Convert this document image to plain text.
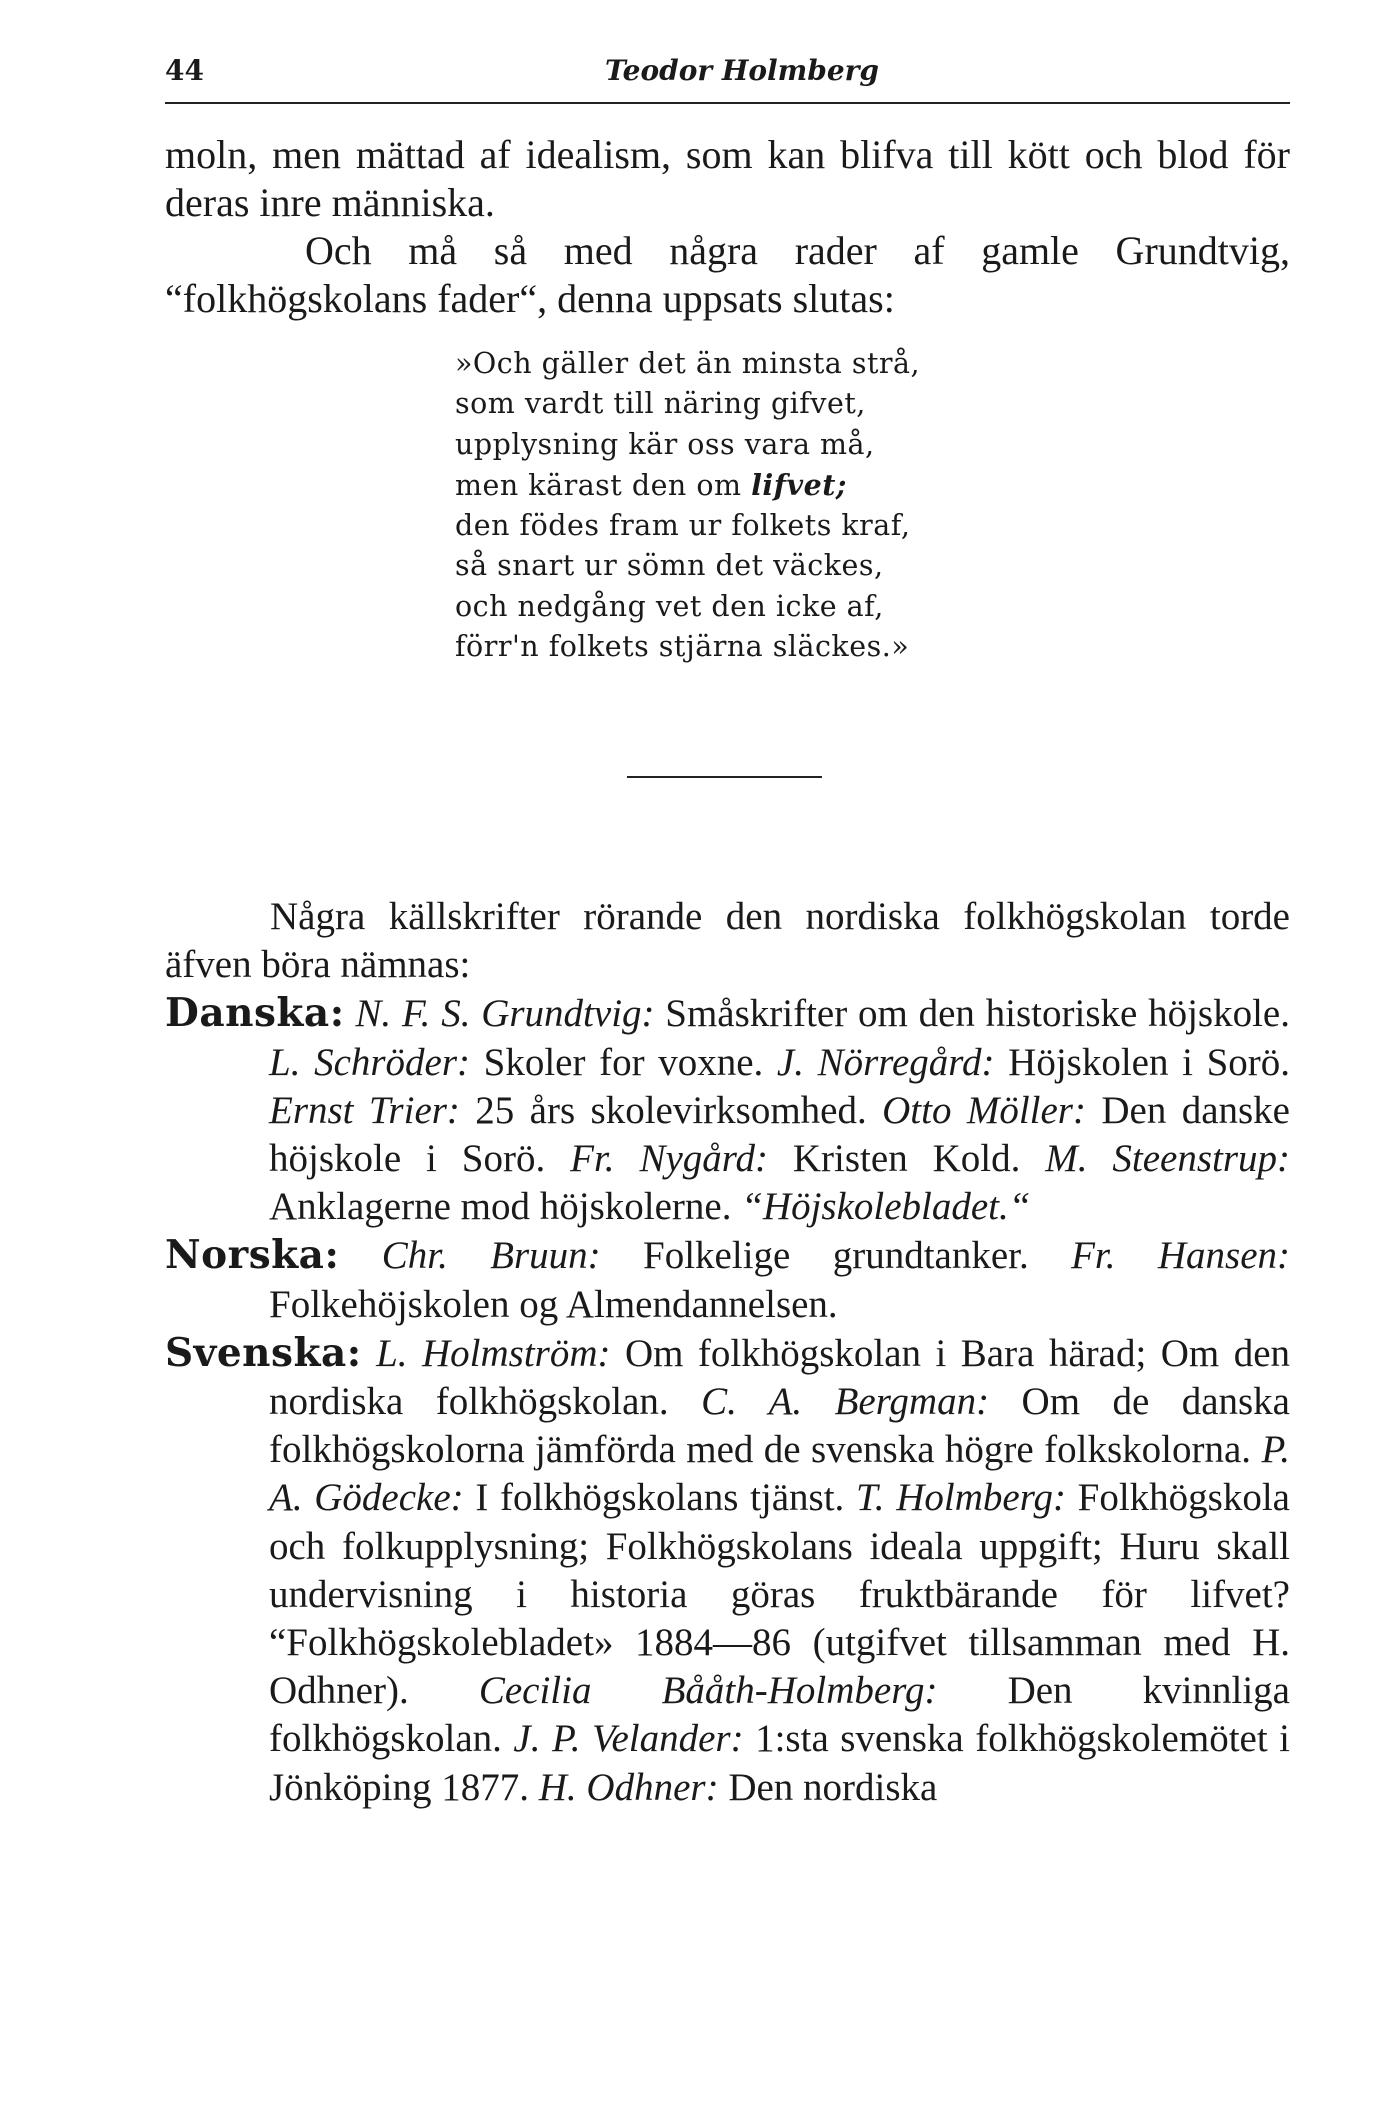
44	Teodor Holmberg

moln, men mättad af idealism, som kan blifva till kött och blod för deras inre människa.

Och må så med några rader af gamle Grundtvig, “folkhögskolans fader“, denna uppsats slutas:

»Och gäller det än minsta strå,
som vardt till näring gifvet,
upplysning kär oss vara må,
men kärast den om lifvet;
den födes fram ur folkets kraf,
så snart ur sömn det väckes,
och nedgång vet den icke af,
förr'n folkets stjärna släckes.»

Några källskrifter rörande den nordiska folkhögskolan torde äfven böra nämnas:

Danska: N. F. S. Grundtvig: Småskrifter om den historiske höjskole. L. Schröder: Skoler for voxne. J. Nörregård: Höjskolen i Sorö. Ernst Trier: 25 års skolevirksomhed. Otto Möller: Den danske höjskole i Sorö. Fr. Nygård: Kristen Kold. M. Steenstrup: Anklagerne mod höjskolerne. “Höjskolebladet.“

Norska: Chr. Bruun: Folkelige grundtanker. Fr. Hansen: Folkehöjskolen og Almendannelsen.

Svenska: L. Holmström: Om folkhögskolan i Bara härad; Om den nordiska folkhögskolan. C. A. Bergman: Om de danska folkhögskolorna jämförda med de svenska högre folkskolorna. P. A. Gödecke: I folkhögskolans tjänst. T. Holmberg: Folkhögskola och folkupplysning; Folkhögskolans ideala uppgift; Huru skall undervisning i historia göras fruktbärande för lifvet? “Folkhögskolebladet» 1884—86 (utgifvet tillsamman med H. Odhner). Cecilia Bååth-Holmberg: Den kvinnliga folkhögskolan. J. P. Velander: 1:sta svenska folkhögskolemötet i Jönköping 1877. H. Odhner: Den nordiska
